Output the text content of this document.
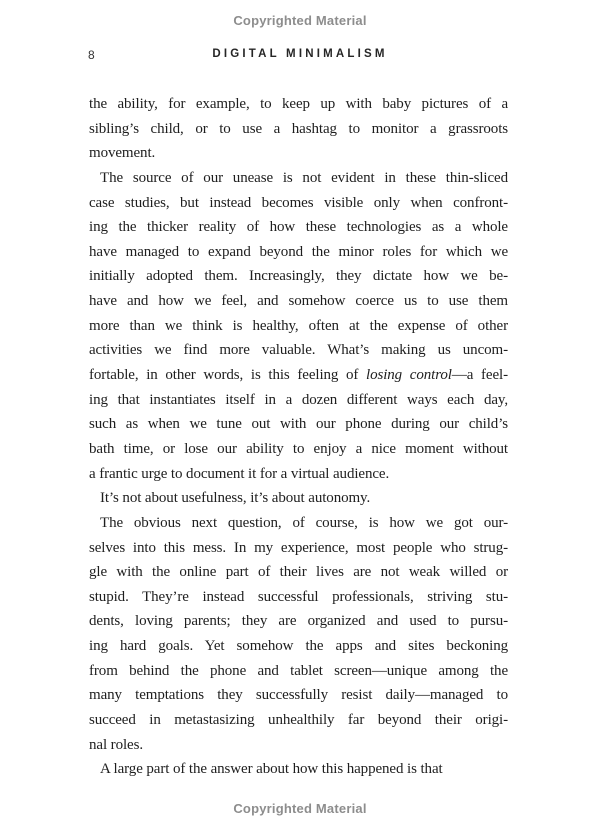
Copyrighted Material
8	DIGITAL MINIMALISM
the ability, for example, to keep up with baby pictures of a
sibling’s child, or to use a hashtag to monitor a grassroots
movement.
The source of our unease is not evident in these thin-sliced
case studies, but instead becomes visible only when confront-
ing the thicker reality of how these technologies as a whole
have managed to expand beyond the minor roles for which we
initially adopted them. Increasingly, they dictate how we be-
have and how we feel, and somehow coerce us to use them
more than we think is healthy, often at the expense of other
activities we find more valuable. What’s making us uncom-
fortable, in other words, is this feeling of losing control—a feel-
ing that instantiates itself in a dozen different ways each day,
such as when we tune out with our phone during our child’s
bath time, or lose our ability to enjoy a nice moment without
a frantic urge to document it for a virtual audience.
It’s not about usefulness, it’s about autonomy.
The obvious next question, of course, is how we got our-
selves into this mess. In my experience, most people who strug-
gle with the online part of their lives are not weak willed or
stupid. They’re instead successful professionals, striving stu-
dents, loving parents; they are organized and used to pursu-
ing hard goals. Yet somehow the apps and sites beckoning
from behind the phone and tablet screen—unique among the
many temptations they successfully resist daily—managed to
succeed in metastasizing unhealthily far beyond their origi-
nal roles.
A large part of the answer about how this happened is that
Copyrighted Material
